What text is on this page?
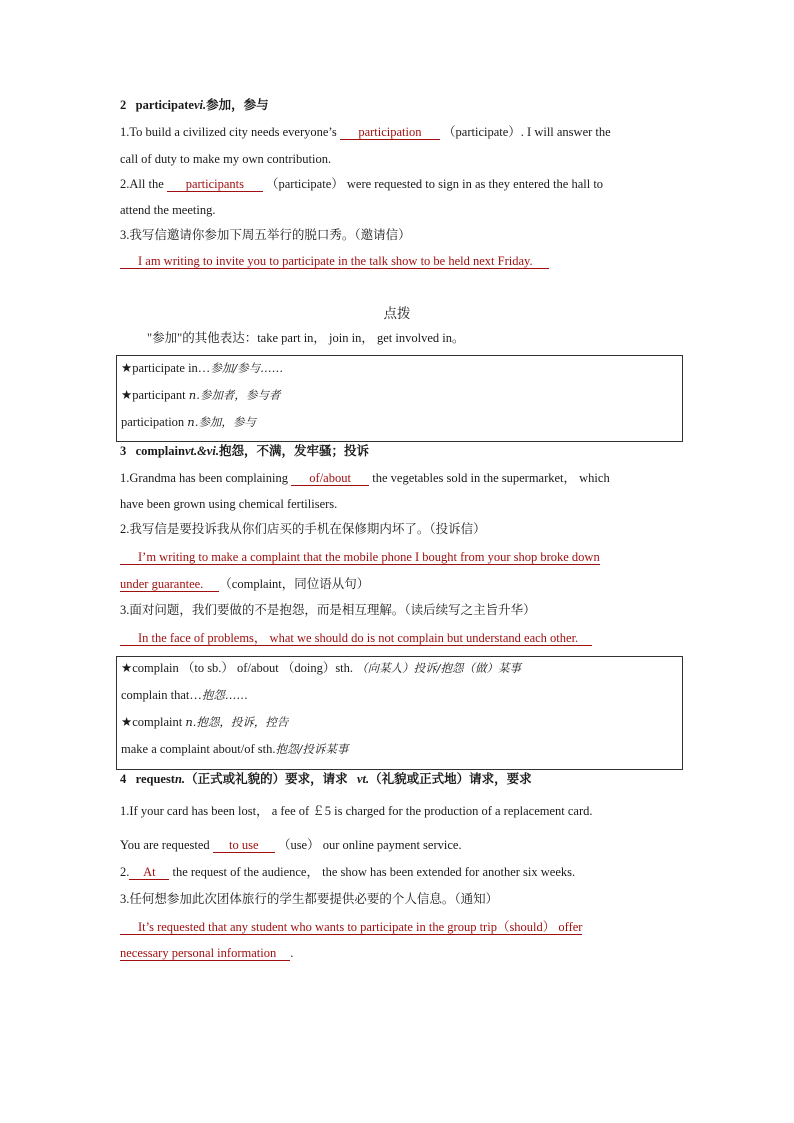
2 participatevi.参加，参与
1.To build a civilized city needs everyone’s participation （participate）. I will answer the
call of duty to make my own contribution.
2.All the participants （participate） were requested to sign in as they entered the hall to
attend the meeting.
3.我写信邀请你参加下周五举行的脱口秀。（邀请信）
I am writing to invite you to participate in the talk show to be held next Friday.
点拨
"参加"的其他表达：take part in， join in， get involved in。
★participate in…参加/参与……
★participant n.参加者，参与者
participation n.参加，参与
3 complainvt.&vi.抱怨，不满，发牢骚；投诉
1.Grandma has been complaining of/about the vegetables sold in the supermarket， which
have been grown using chemical fertilisers.
2.我写信是要投诉我从你们店买的手机在保修期内坏了。（投诉信）
I’m writing to make a complaint that the mobile phone I bought from your shop broke down
under guarantee. （complaint，同位语从句）
3.面对问题，我们要做的不是抱怨，而是相互理解。（读后续写之主旨升华）
In the face of problems， what we should do is not complain but understand each other.
★complain （to sb.） of/about （doing）sth. （向某人）投诉/抱怨（做）某事
complain that…抱怨……
★complaint n.抱怨，投诉，控告
make a complaint about/of sth.抱怨/投诉某事
4 requestn.（正式或礼貌的）要求，请求 vt.（礼貌或正式地）请求，要求
1.If your card has been lost， a fee of ￡5 is charged for the production of a replacement card.
You are requested to use （use） our online payment service.
2. At the request of the audience， the show has been extended for another six weeks.
3.任何想参加此次团体旅行的学生都要提供必要的个人信息。（通知）
It’s requested that any student who wants to participate in the group trip（should） offer
necessary personal information .
